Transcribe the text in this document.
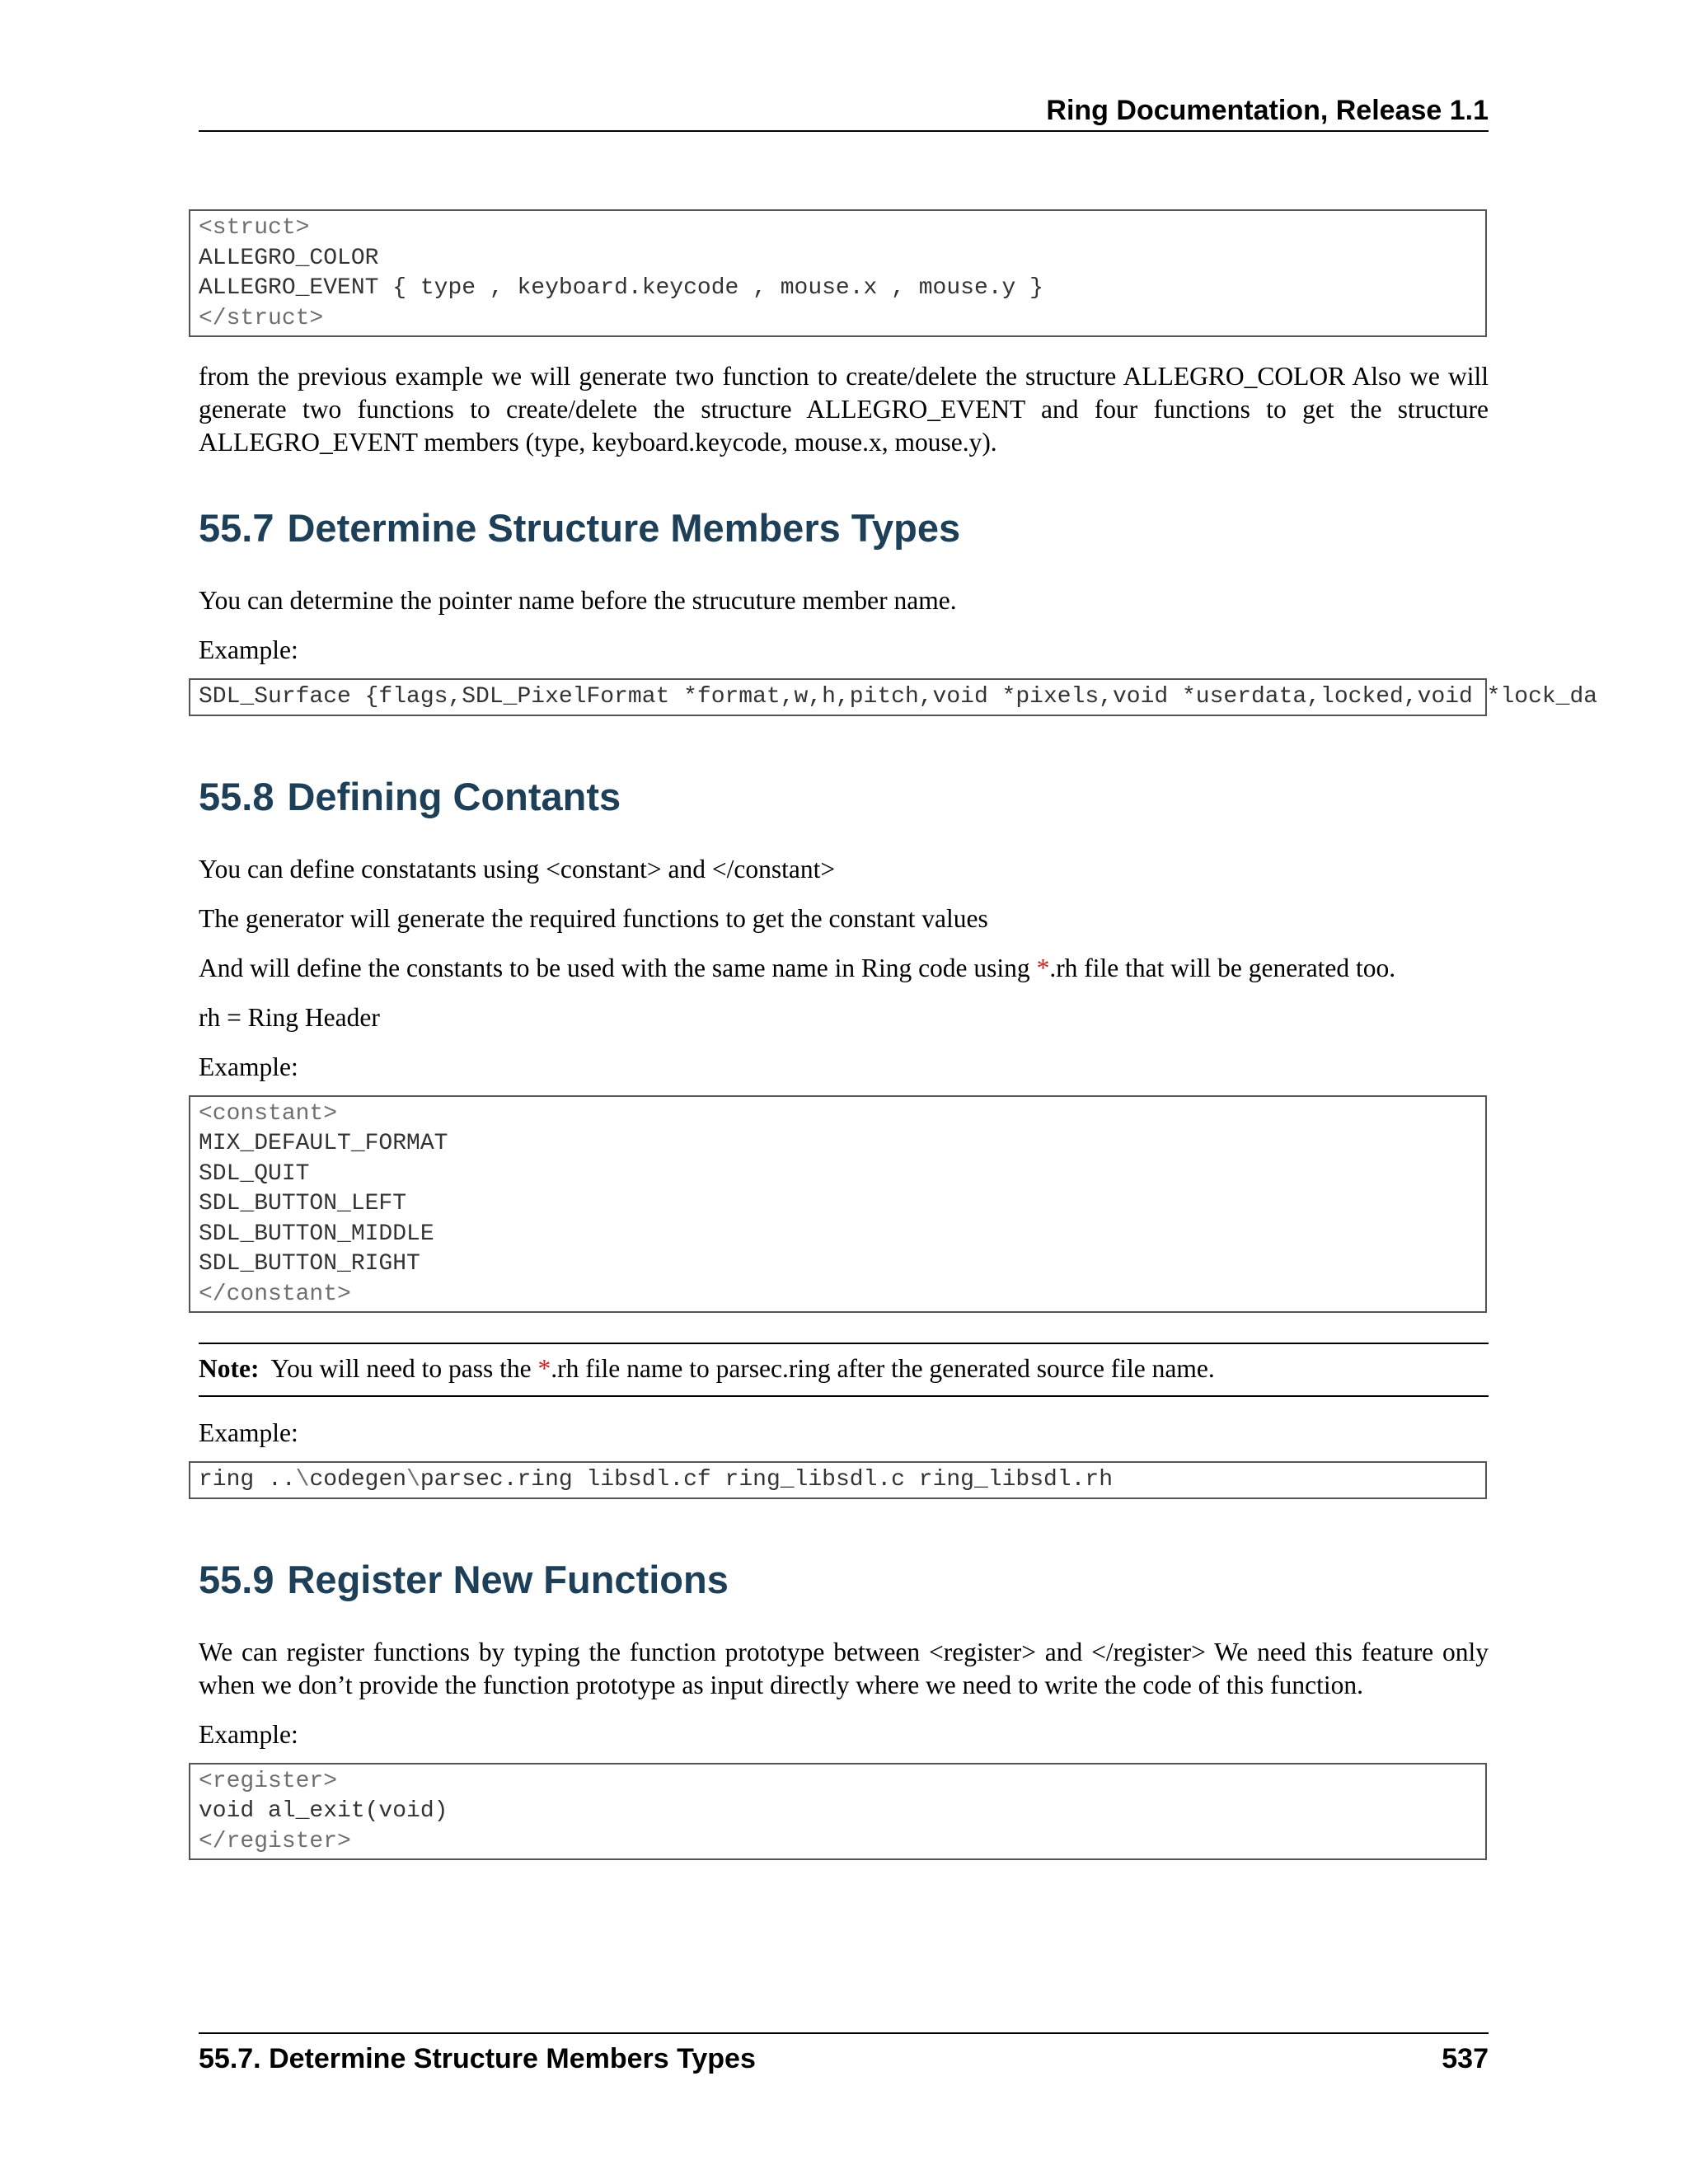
Ring Documentation, Release 1.1
<struct>
ALLEGRO_COLOR
ALLEGRO_EVENT { type , keyboard.keycode , mouse.x , mouse.y }
</struct>

from the previous example we will generate two function to create/delete the structure ALLEGRO_COLOR Also we will generate two functions to create/delete the structure ALLEGRO_EVENT and four functions to get the structure ALLEGRO_EVENT members (type, keyboard.keycode, mouse.x, mouse.y).

55.7 Determine Structure Members Types

You can determine the pointer name before the strucuture member name.

Example:

SDL_Surface {flags,SDL_PixelFormat *format,w,h,pitch,void *pixels,void *userdata,locked,void *lock_da
55.8 Defining Contants

You can define constatants using <constant> and </constant>

The generator will generate the required functions to get the constant values

And will define the constants to be used with the same name in Ring code using *.rh file that will be generated too.

rh = Ring Header

Example:

<constant>
MIX_DEFAULT_FORMAT
SDL_QUIT
SDL_BUTTON_LEFT
SDL_BUTTON_MIDDLE
SDL_BUTTON_RIGHT
</constant>
Note: You will need to pass the *.rh file name to parsec.ring after the generated source file name.

Example:

ring ..\codegen\parsec.ring libsdl.cf ring_libsdl.c ring_libsdl.rh
55.9 Register New Functions

We can register functions by typing the function prototype between <register> and </register> We need this feature only when we don’t provide the function prototype as input directly where we need to write the code of this function.

Example:

<register>
void al_exit(void)
</register>
55.7. Determine Structure Members Types	537
